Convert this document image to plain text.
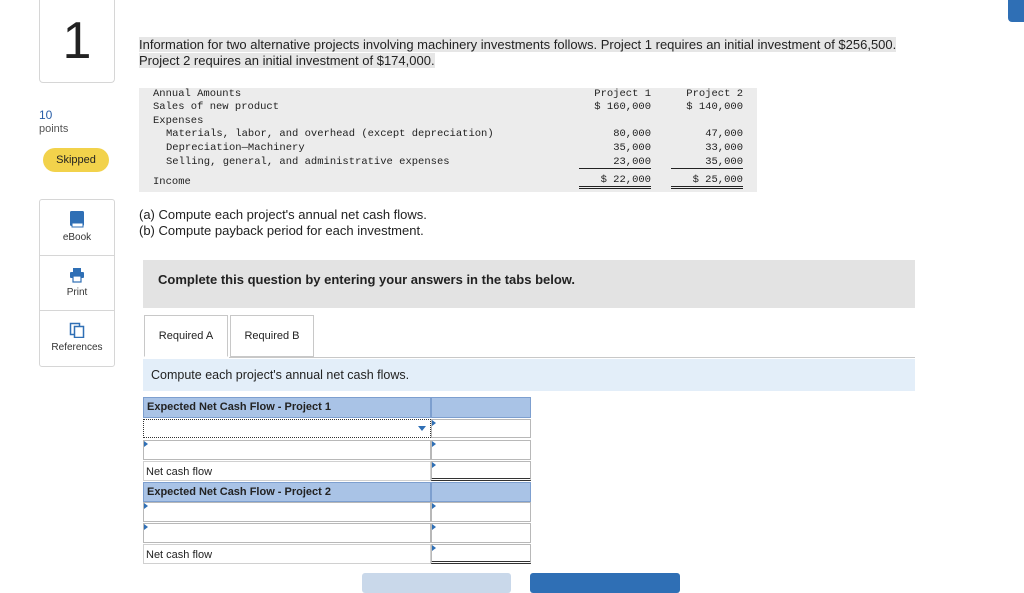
1
10
points
Skipped
eBook
Print
References
Information for two alternative projects involving machinery investments follows. Project 1 requires an initial investment of $256,500.
Project 2 requires an initial investment of $174,000.
Annual Amounts	Project 1	Project 2
Sales of new product	$ 160,000	$ 140,000
Expenses
Materials, labor, and overhead (except depreciation)	80,000	47,000
Depreciation—Machinery	35,000	33,000
Selling, general, and administrative expenses	23,000	35,000
Income	$ 22,000	$ 25,000
(a) Compute each project's annual net cash flows.
(b) Compute payback period for each investment.
Complete this question by entering your answers in the tabs below.
Required A	Required B
Compute each project's annual net cash flows.
Expected Net Cash Flow - Project 1
Net cash flow
Expected Net Cash Flow - Project 2
Net cash flow
